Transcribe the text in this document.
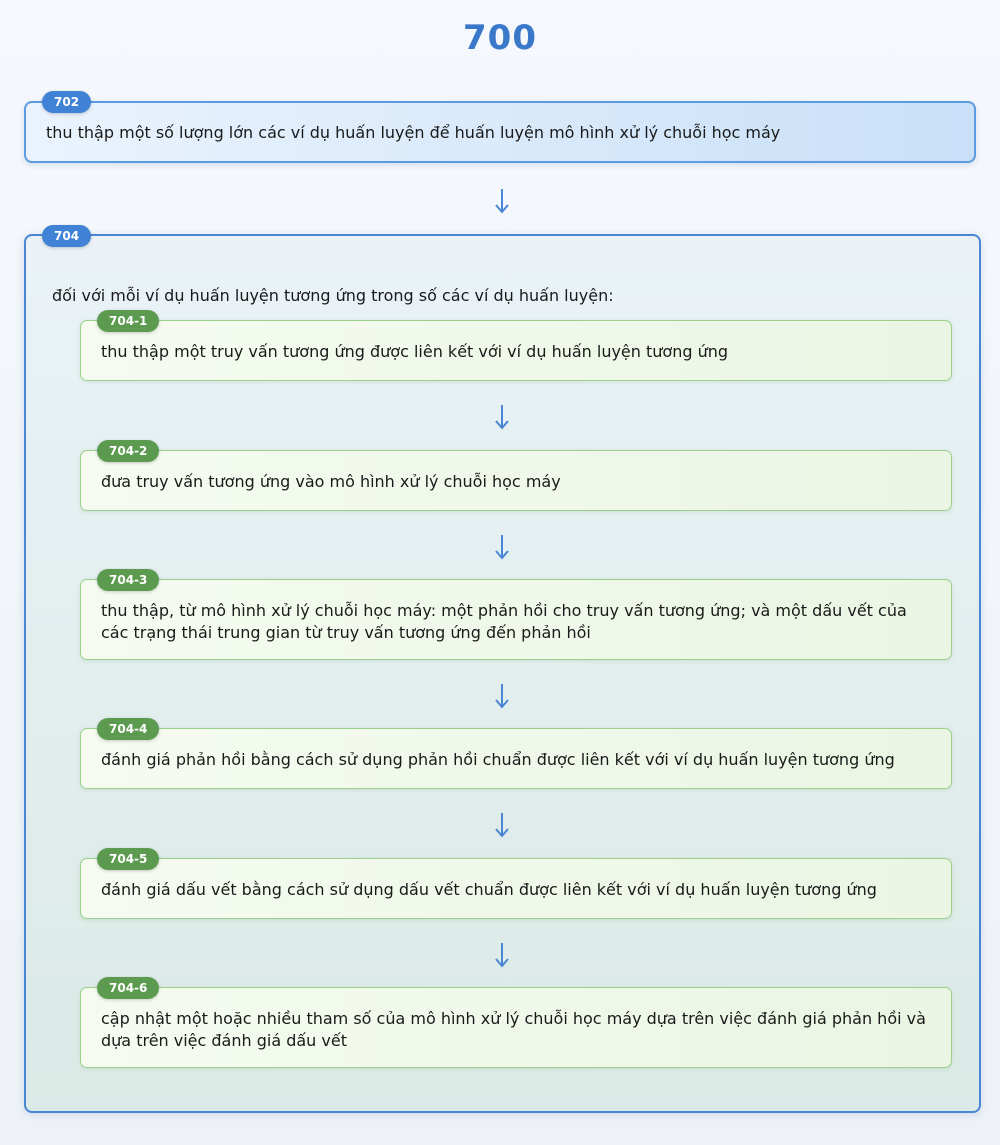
700
thu thập một số lượng lớn các ví dụ huấn luyện để huấn luyện mô hình xử lý chuỗi học máy
702
704
đối với mỗi ví dụ huấn luyện tương ứng trong số các ví dụ huấn luyện:
thu thập một truy vấn tương ứng được liên kết với ví dụ huấn luyện tương ứng
704-1
đưa truy vấn tương ứng vào mô hình xử lý chuỗi học máy
704-2
thu thập, từ mô hình xử lý chuỗi học máy: một phản hồi cho truy vấn tương ứng; và một dấu vết của các trạng thái trung gian từ truy vấn tương ứng đến phản hồi
704-3
đánh giá phản hồi bằng cách sử dụng phản hồi chuẩn được liên kết với ví dụ huấn luyện tương ứng
704-4
đánh giá dấu vết bằng cách sử dụng dấu vết chuẩn được liên kết với ví dụ huấn luyện tương ứng
704-5
cập nhật một hoặc nhiều tham số của mô hình xử lý chuỗi học máy dựa trên việc đánh giá phản hồi và dựa trên việc đánh giá dấu vết
704-6
